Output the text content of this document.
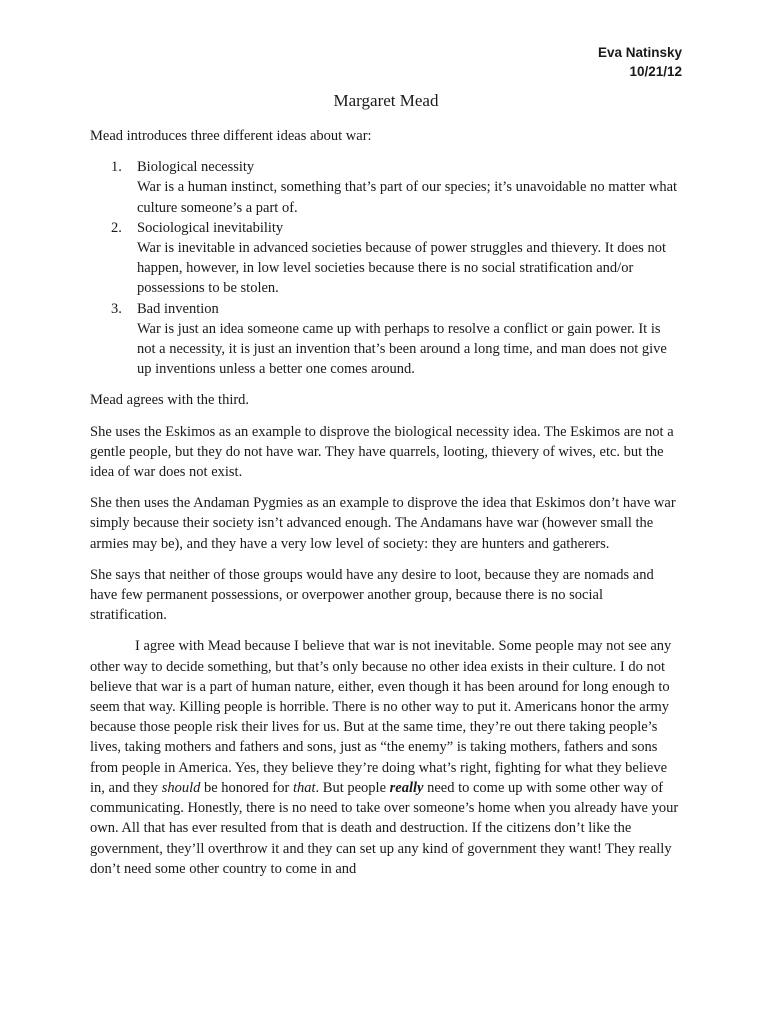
Eva Natinsky
10/21/12
Margaret Mead

Mead introduces three different ideas about war:

1. Biological necessity
War is a human instinct, something that’s part of our species; it’s unavoidable no matter what culture someone’s a part of.
2. Sociological inevitability
War is inevitable in advanced societies because of power struggles and thievery. It does not happen, however, in low level societies because there is no social stratification and/or possessions to be stolen.
3. Bad invention
War is just an idea someone came up with perhaps to resolve a conflict or gain power. It is not a necessity, it is just an invention that’s been around a long time, and man does not give up inventions unless a better one comes around.

Mead agrees with the third.

She uses the Eskimos as an example to disprove the biological necessity idea. The Eskimos are not a gentle people, but they do not have war. They have quarrels, looting, thievery of wives, etc. but the idea of war does not exist.

She then uses the Andaman Pygmies as an example to disprove the idea that Eskimos don’t have war simply because their society isn’t advanced enough. The Andamans have war (however small the armies may be), and they have a very low level of society: they are hunters and gatherers.

She says that neither of those groups would have any desire to loot, because they are nomads and have few permanent possessions, or overpower another group, because there is no social stratification.

I agree with Mead because I believe that war is not inevitable. Some people may not see any other way to decide something, but that’s only because no other idea exists in their culture. I do not believe that war is a part of human nature, either, even though it has been around for long enough to seem that way. Killing people is horrible. There is no other way to put it. Americans honor the army because those people risk their lives for us. But at the same time, they’re out there taking people’s lives, taking mothers and fathers and sons, just as “the enemy” is taking mothers, fathers and sons from people in America. Yes, they believe they’re doing what’s right, fighting for what they believe in, and they should be honored for that. But people really need to come up with some other way of communicating. Honestly, there is no need to take over someone’s home when you already have your own. All that has ever resulted from that is death and destruction. If the citizens don’t like the government, they’ll overthrow it and they can set up any kind of government they want! They really don’t need some other country to come in and
